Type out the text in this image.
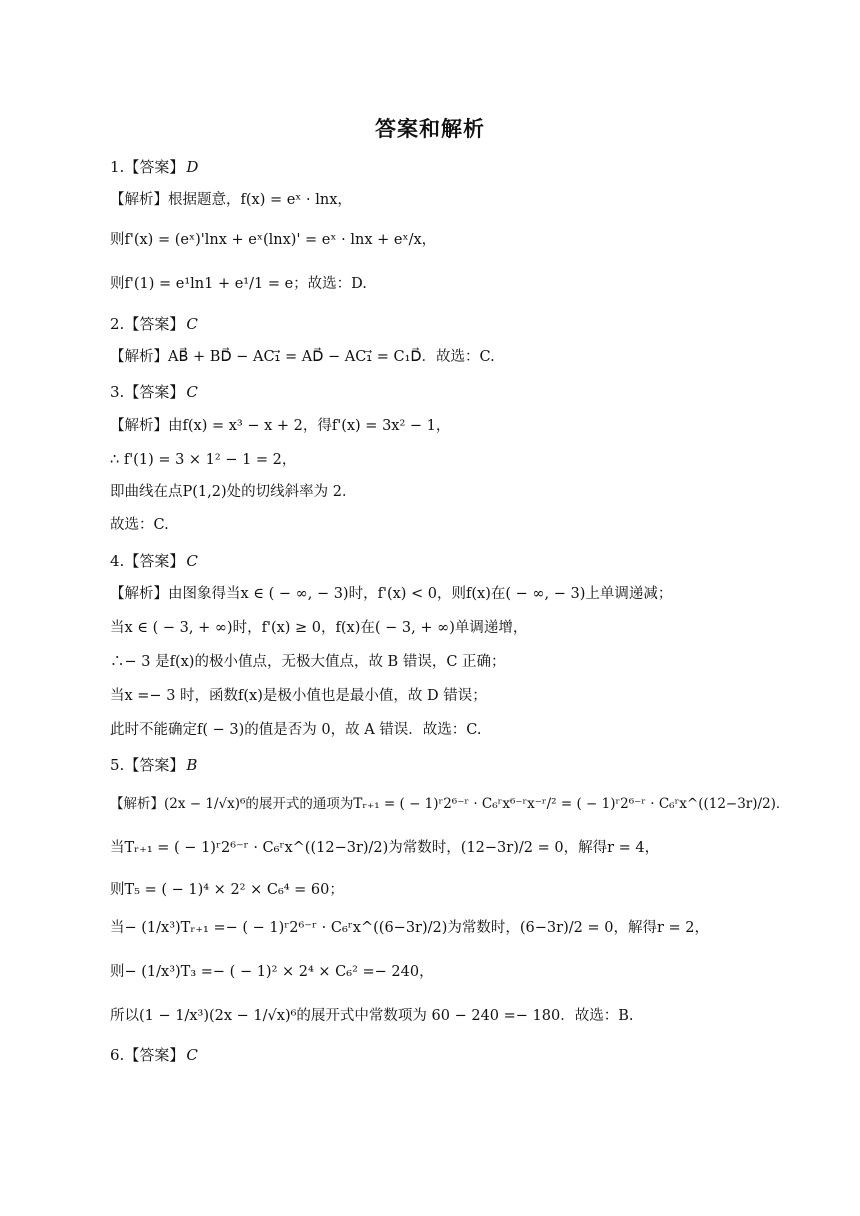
答案和解析
1.【答案】 D
【解析】根据题意，f(x) = eˣ · lnx，
则f'(x) = (eˣ)'lnx + eˣ(lnx)' = eˣ · lnx + eˣ/x，
则f'(1) = e¹ln1 + e¹/1 = e；故选：D.
2.【答案】 C
【解析】AB⃗ + BD⃗ − AC₁⃗ = AD⃗ − AC₁⃗ = C₁D⃗．故选：C.
3.【答案】 C
【解析】由f(x) = x³ − x + 2，得f'(x) = 3x² − 1，
∴ f'(1) = 3 × 1² − 1 = 2，
即曲线在点P(1,2)处的切线斜率为 2．
故选：C.
4.【答案】 C
【解析】由图象得当x ∈ ( − ∞, − 3)时，f'(x) < 0，则f(x)在( − ∞, − 3)上单调递减；
当x ∈ ( − 3, + ∞)时，f'(x) ≥ 0，f(x)在( − 3, + ∞)单调递增，
∴− 3 是f(x)的极小值点，无极大值点，故 B 错误，C 正确；
当x =− 3 时，函数f(x)是极小值也是最小值，故 D 错误；
此时不能确定f( − 3)的值是否为 0，故 A 错误．故选：C.
5.【答案】 B
【解析】(2x − 1/√x)⁶的展开式的通项为Tᵣ₊₁ = ( − 1)ʳ2⁶⁻ʳ · C₆ʳx⁶⁻ʳx⁻ʳ/² = ( − 1)ʳ2⁶⁻ʳ · C₆ʳx^((12−3r)/2)．
当Tᵣ₊₁ = ( − 1)ʳ2⁶⁻ʳ · C₆ʳx^((12−3r)/2)为常数时，(12−3r)/2 = 0，解得r = 4，
则T₅ = ( − 1)⁴ × 2² × C₆⁴ = 60；
当− (1/x³)Tᵣ₊₁ =− ( − 1)ʳ2⁶⁻ʳ · C₆ʳx^((6−3r)/2)为常数时，(6−3r)/2 = 0，解得r = 2，
则− (1/x³)T₃ =− ( − 1)² × 2⁴ × C₆² =− 240，
所以(1 − 1/x³)(2x − 1/√x)⁶的展开式中常数项为 60 − 240 =− 180．故选：B.
6.【答案】 C
